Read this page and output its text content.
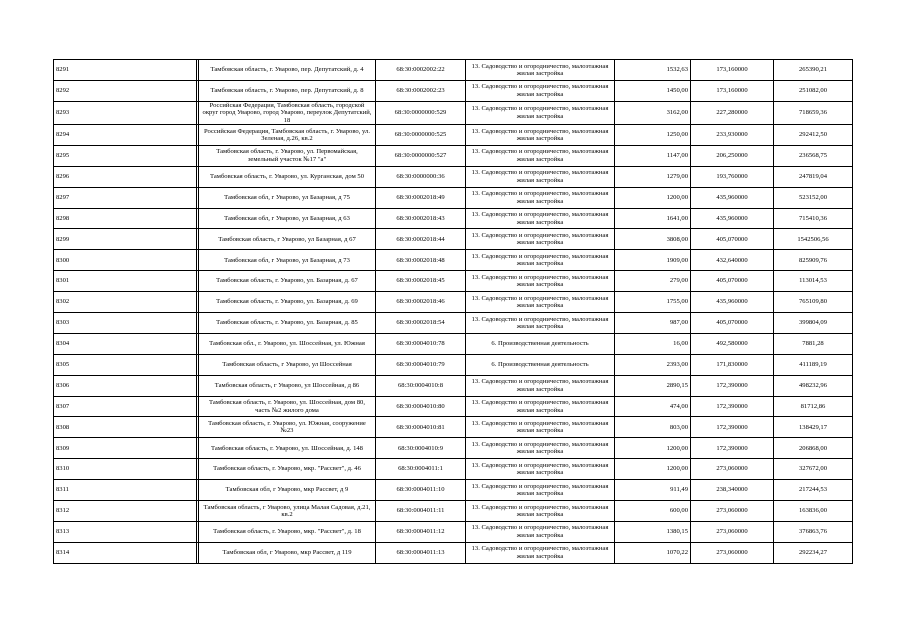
8291		Тамбовская область, г. Уварово, пер. Депутатский, д. 4	68:30:0002002:22	13. Садоводство и огородничество, малоэтажная жилая застройка	1532,63	173,160000	265390,21
8292		Тамбовская область, г. Уварово, пер. Депутатский, д. 8	68:30:0002002:23	13. Садоводство и огородничество, малоэтажная жилая застройка	1450,00	173,160000	251082,00
8293		Российская Федерация, Тамбовская область, городской округ город Уварово, город Уварово, переулок Депутатский, 18	68:30:0000000:529	13. Садоводство и огородничество, малоэтажная жилая застройка	3162,00	227,280000	718659,36
8294		Российская Федерация, Тамбовская область, г. Уварово, ул. Зеленая, д.26, кв.2	68:30:0000000:525	13. Садоводство и огородничество, малоэтажная жилая застройка	1250,00	233,930000	292412,50
8295		Тамбовская область, г. Уварово, ул. Первомайская, земельный участок №17 "а"	68:30:0000000:527	13. Садоводство и огородничество, малоэтажная жилая застройка	1147,00	206,250000	236568,75
8296		Тамбовская область, г. Уварово, ул. Курганская, дом 50	68:30:0000000:36	13. Садоводство и огородничество, малоэтажная жилая застройка	1279,00	193,760000	247819,04
8297		Тамбовская обл, г Уварово, ул Базарная, д 75	68:30:0002018:49	13. Садоводство и огородничество, малоэтажная жилая застройка	1200,00	435,960000	523152,00
8298		Тамбовская обл, г Уварово, ул Базарная, д 63	68:30:0002018:43	13. Садоводство и огородничество, малоэтажная жилая застройка	1641,00	435,960000	715410,36
8299		Тамбовская область, г Уварово, ул Базарная, д 67	68:30:0002018:44	13. Садоводство и огородничество, малоэтажная жилая застройка	3808,00	405,070000	1542506,56
8300		Тамбовская обл, г Уварово, ул Базарная, д 73	68:30:0002018:48	13. Садоводство и огородничество, малоэтажная жилая застройка	1909,00	432,640000	825909,76
8301		Тамбовская область, г. Уварово, ул. Базарная, д. 67	68:30:0002018:45	13. Садоводство и огородничество, малоэтажная жилая застройка	279,00	405,070000	113014,53
8302		Тамбовская область, г. Уварово, ул. Базарная, д. 69	68:30:0002018:46	13. Садоводство и огородничество, малоэтажная жилая застройка	1755,00	435,960000	765109,80
8303		Тамбовская область, г. Уварово, ул. Базарная, д. 85	68:30:0002018:54	13. Садоводство и огородничество, малоэтажная жилая застройка	987,00	405,070000	399804,09
8304		Тамбовская обл., г. Уварово, ул. Шоссейная, ул. Южная	68:30:0004010:78	6. Производственная деятельность	16,00	492,580000	7881,28
8305		Тамбовская область, г Уварово, ул Шоссейная	68:30:0004010:79	6. Производственная деятельность	2393,00	171,830000	411189,19
8306		Тамбовская область, г Уварово, ул Шоссейная, д 86	68:30:0004010:8	13. Садоводство и огородничество, малоэтажная жилая застройка	2890,15	172,390000	498232,96
8307		Тамбовская область, г. Уварово, ул. Шоссейная, дом 80, часть №2 жилого дома	68:30:0004010:80	13. Садоводство и огородничество, малоэтажная жилая застройка	474,00	172,390000	81712,86
8308		Тамбовская область, г. Уварово, ул. Южная, сооружение №23	68:30:0004010:81	13. Садоводство и огородничество, малоэтажная жилая застройка	803,00	172,390000	138429,17
8309		Тамбовская область, г. Уварово, ул. Шоссейная, д. 148	68:30:0004010:9	13. Садоводство и огородничество, малоэтажная жилая застройка	1200,00	172,390000	206868,00
8310		Тамбовская область, г. Уварово, мкр. "Рассвет", д. 46	68:30:0004011:1	13. Садоводство и огородничество, малоэтажная жилая застройка	1200,00	273,060000	327672,00
8311		Тамбовская обл, г Уварово, мкр Рассвет, д 9	68:30:0004011:10	13. Садоводство и огородничество, малоэтажная жилая застройка	911,49	238,340000	217244,53
8312		Тамбовская область, г Уварово, улица Малая Садовая, д.21, кв.2	68:30:0004011:11	13. Садоводство и огородничество, малоэтажная жилая застройка	600,00	273,060000	163836,00
8313		Тамбовская область, г. Уварово, мкр. "Рассвет", д. 18	68:30:0004011:12	13. Садоводство и огородничество, малоэтажная жилая застройка	1380,15	273,060000	376863,76
8314		Тамбовская обл, г Уварово, мкр Рассвет, д 119	68:30:0004011:13	13. Садоводство и огородничество, малоэтажная жилая застройка	1070,22	273,060000	292234,27
